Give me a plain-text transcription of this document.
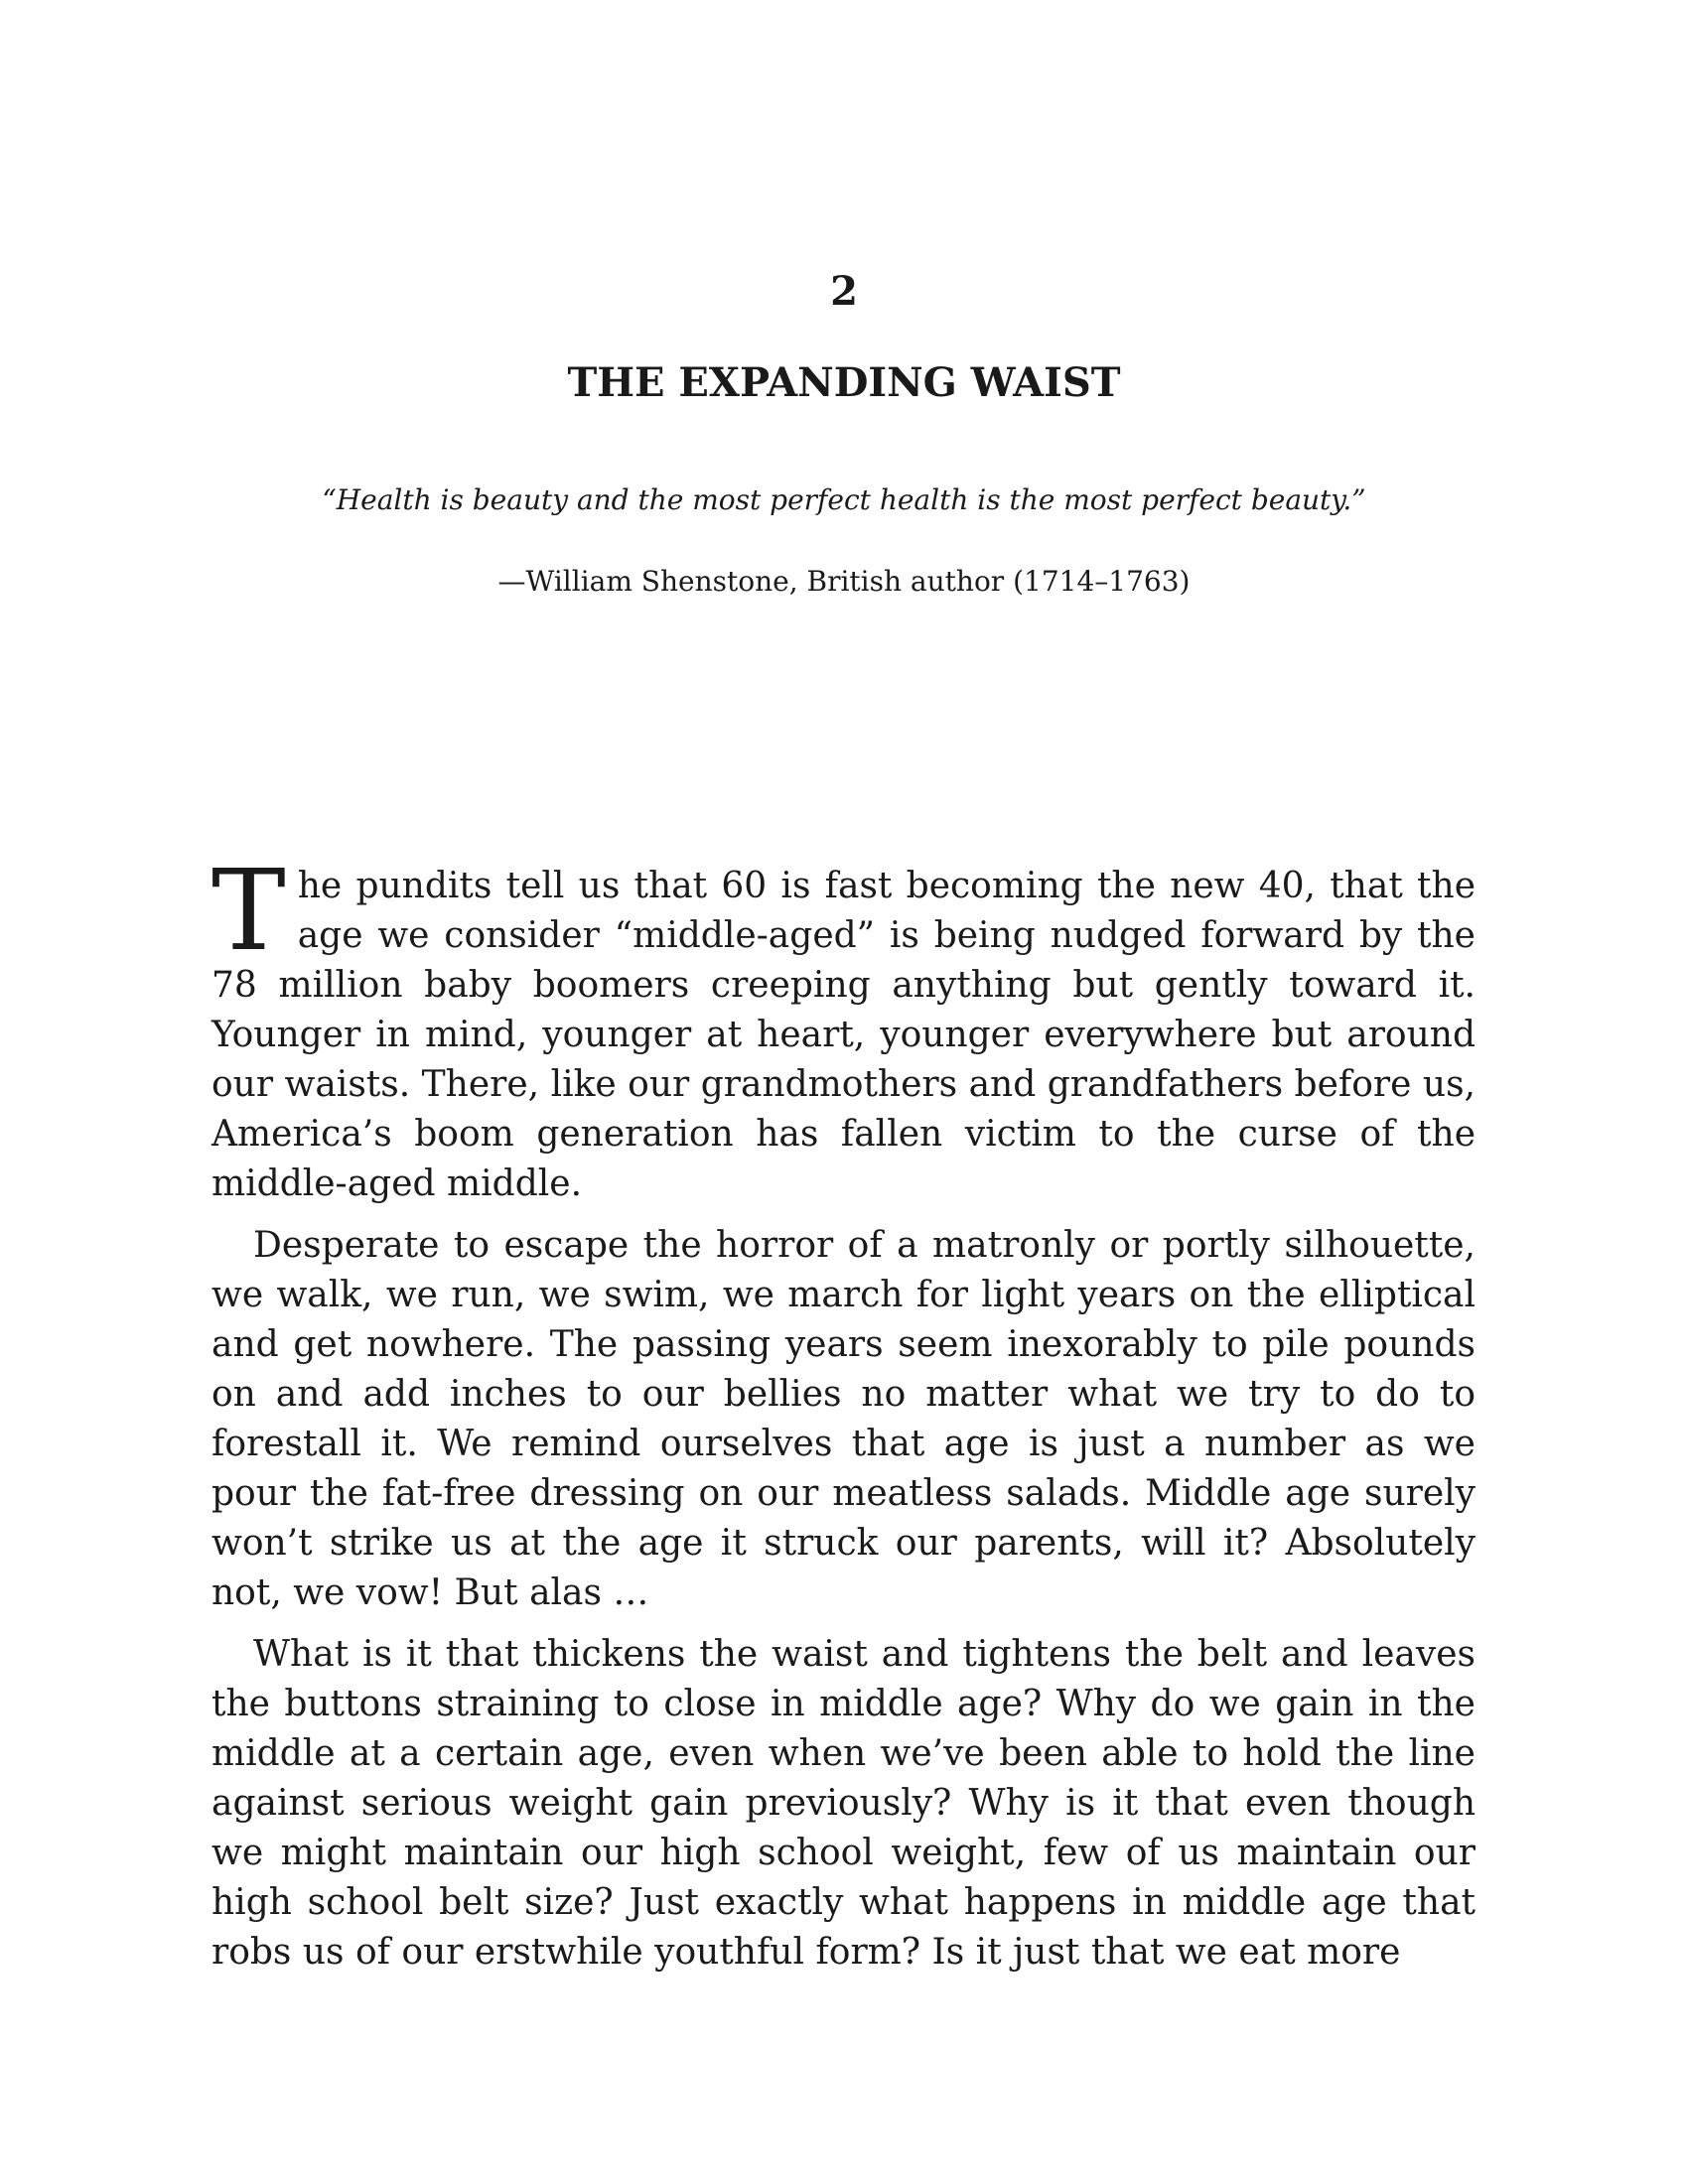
2
THE EXPANDING WAIST
“Health is beauty and the most perfect health is the most perfect beauty.”
—William Shenstone, British author (1714–1763)

The pundits tell us that 60 is fast becoming the new 40, that the age we consider “middle-aged” is being nudged forward by the 78 million baby boomers creeping anything but gently toward it. Younger in mind, younger at heart, younger everywhere but around our waists. There, like our grandmothers and grandfathers before us, America’s boom generation has fallen victim to the curse of the middle-aged middle.

Desperate to escape the horror of a matronly or portly silhouette, we walk, we run, we swim, we march for light years on the elliptical and get nowhere. The passing years seem inexorably to pile pounds on and add inches to our bellies no matter what we try to do to forestall it. We remind ourselves that age is just a number as we pour the fat-free dressing on our meatless salads. Middle age surely won’t strike us at the age it struck our parents, will it? Absolutely not, we vow! But alas …

What is it that thickens the waist and tightens the belt and leaves the buttons straining to close in middle age? Why do we gain in the middle at a certain age, even when we’ve been able to hold the line against serious weight gain previously? Why is it that even though we might maintain our high school weight, few of us maintain our high school belt size? Just exactly what happens in middle age that robs us of our erstwhile youthful form? Is it just that we eat more
